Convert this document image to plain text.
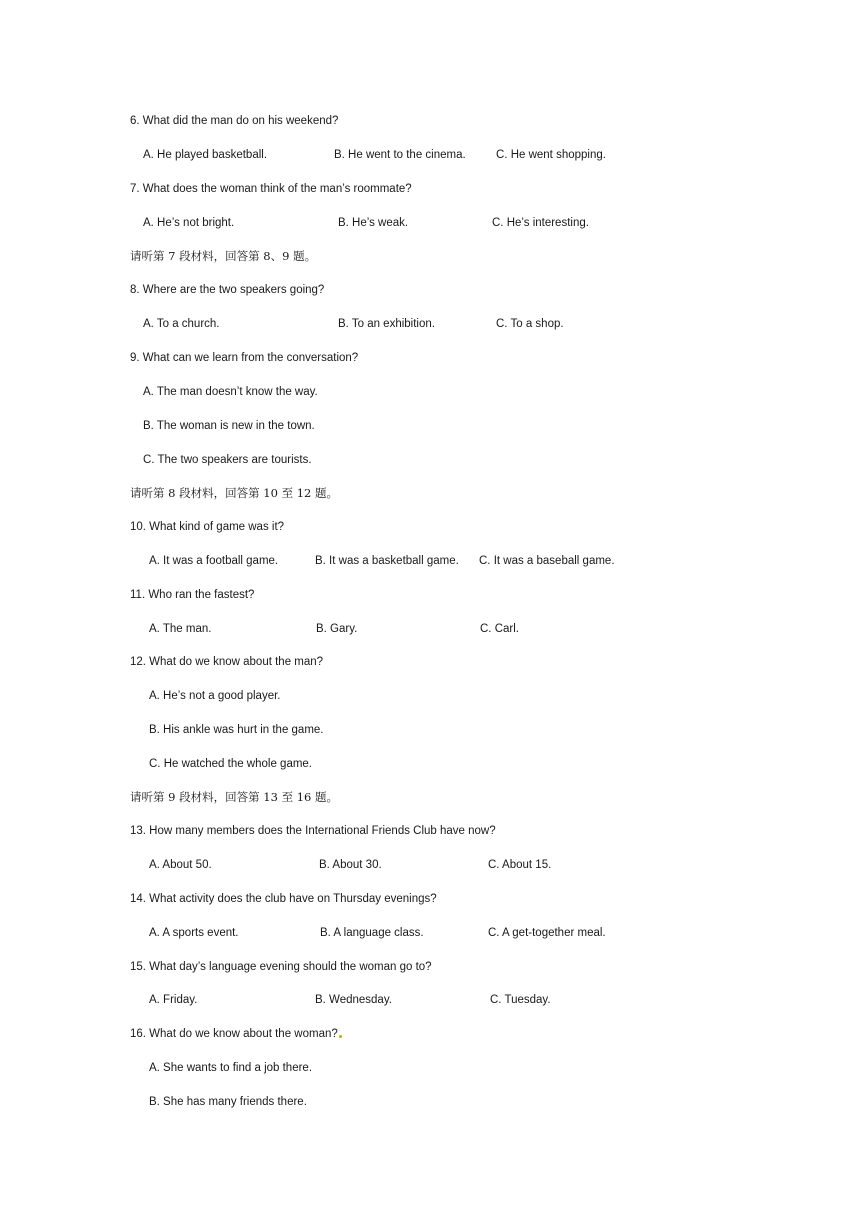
6. What did the man do on his weekend?
A. He played basketball.	B. He went to the cinema.	C. He went shopping.
7. What does the woman think of the man’s roommate?
A. He’s not bright.	B. He’s weak.	C. He’s interesting.
请听第 7 段材料，回答第 8、9 题。
8. Where are the two speakers going?
A. To a church.	B. To an exhibition.	C. To a shop.
9. What can we learn from the conversation?
A. The man doesn’t know the way.
B. The woman is new in the town.
C. The two speakers are tourists.
请听第 8 段材料，回答第 10 至 12 题。
10. What kind of game was it?
A. It was a football game.	B. It was a basketball game. C. It was a baseball game.
11. Who ran the fastest?
A. The man.	B. Gary.	C. Carl.
12. What do we know about the man?
A. He’s not a good player.
B. His ankle was hurt in the game.
C. He watched the whole game.
请听第 9 段材料，回答第 13 至 16 题。
13. How many members does the International Friends Club have now?
A. About 50.	B. About 30.	C. About 15.
14. What activity does the club have on Thursday evenings?
A. A sports event.	B. A language class.	C. A get-together meal.
15. What day’s language evening should the woman go to?
A. Friday.	B. Wednesday.	C. Tuesday.
16. What do we know about the woman?
A. She wants to find a job there.
B. She has many friends there.
